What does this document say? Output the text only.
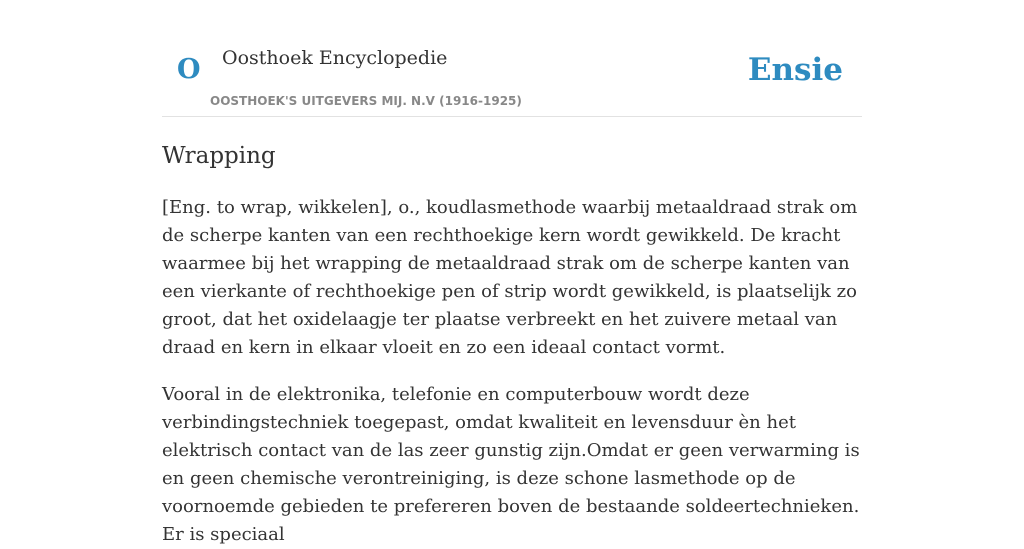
O Oosthoek Encyclopedie	Ensie
OOSTHOEK'S UITGEVERS MIJ. N.V (1916-1925)
Wrapping

[Eng. to wrap, wikkelen], o., koudlasmethode waarbij metaaldraad strak om de scherpe kanten van een rechthoekige kern wordt gewikkeld. De kracht waarmee bij het wrapping de metaaldraad strak om de scherpe kanten van een vierkante of rechthoekige pen of strip wordt gewikkeld, is plaatselijk zo groot, dat het oxidelaagje ter plaatse verbreekt en het zuivere metaal van draad en kern in elkaar vloeit en zo een ideaal contact vormt.

Vooral in de elektronika, telefonie en computerbouw wordt deze verbindingstechniek toegepast, omdat kwaliteit en levensduur èn het elektrisch contact van de las zeer gunstig zijn.Omdat er geen verwarming is en geen chemische verontreiniging, is deze schone lasmethode op de voornoemde gebieden te prefereren boven de bestaande soldeertechnieken. Er is speciaal
